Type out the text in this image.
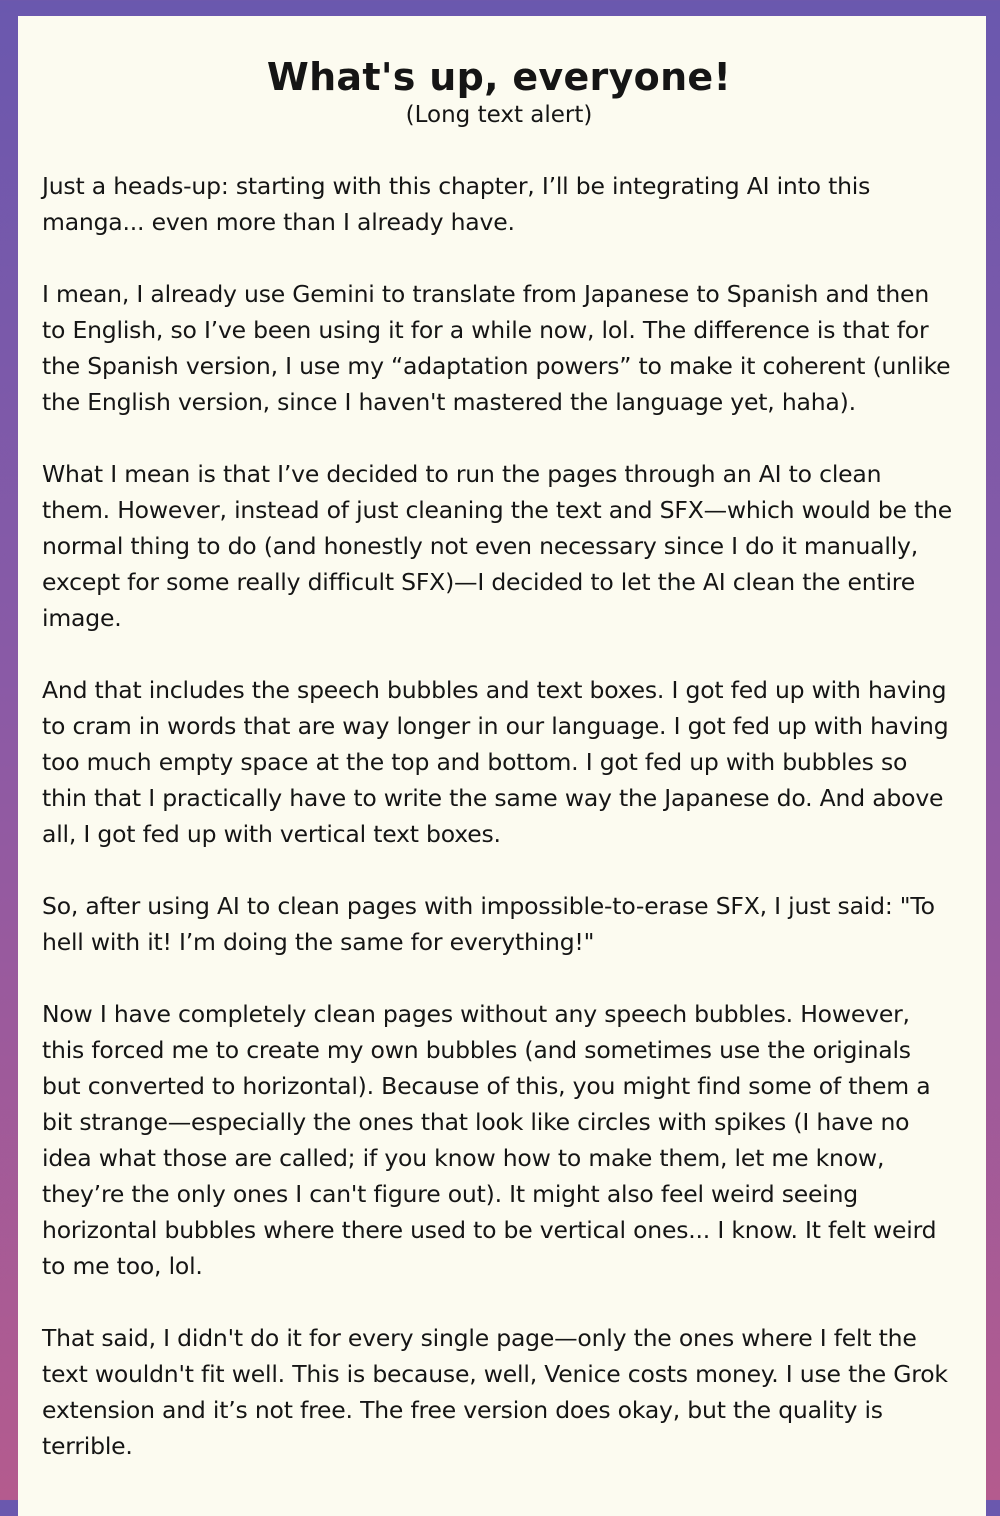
What's up, everyone!

(Long text alert)

Just a heads-up: starting with this chapter, I’ll be integrating AI into this manga... even more than I already have.

I mean, I already use Gemini to translate from Japanese to Spanish and then to English, so I’ve been using it for a while now, lol. The difference is that for the Spanish version, I use my “adaptation powers” to make it coherent (unlike the English version, since I haven't mastered the language yet, haha).

What I mean is that I’ve decided to run the pages through an AI to clean them. However, instead of just cleaning the text and SFX—which would be the normal thing to do (and honestly not even necessary since I do it manually, except for some really difficult SFX)—I decided to let the AI clean the entire image.

And that includes the speech bubbles and text boxes. I got fed up with having to cram in words that are way longer in our language. I got fed up with having too much empty space at the top and bottom. I got fed up with bubbles so thin that I practically have to write the same way the Japanese do. And above all, I got fed up with vertical text boxes.

So, after using AI to clean pages with impossible-to-erase SFX, I just said: "To hell with it! I’m doing the same for everything!"

Now I have completely clean pages without any speech bubbles. However, this forced me to create my own bubbles (and sometimes use the originals but converted to horizontal). Because of this, you might find some of them a bit strange—especially the ones that look like circles with spikes (I have no idea what those are called; if you know how to make them, let me know, they’re the only ones I can't figure out). It might also feel weird seeing horizontal bubbles where there used to be vertical ones... I know. It felt weird to me too, lol.

That said, I didn't do it for every single page—only the ones where I felt the text wouldn't fit well. This is because, well, Venice costs money. I use the Grok extension and it’s not free. The free version does okay, but the quality is terrible.
